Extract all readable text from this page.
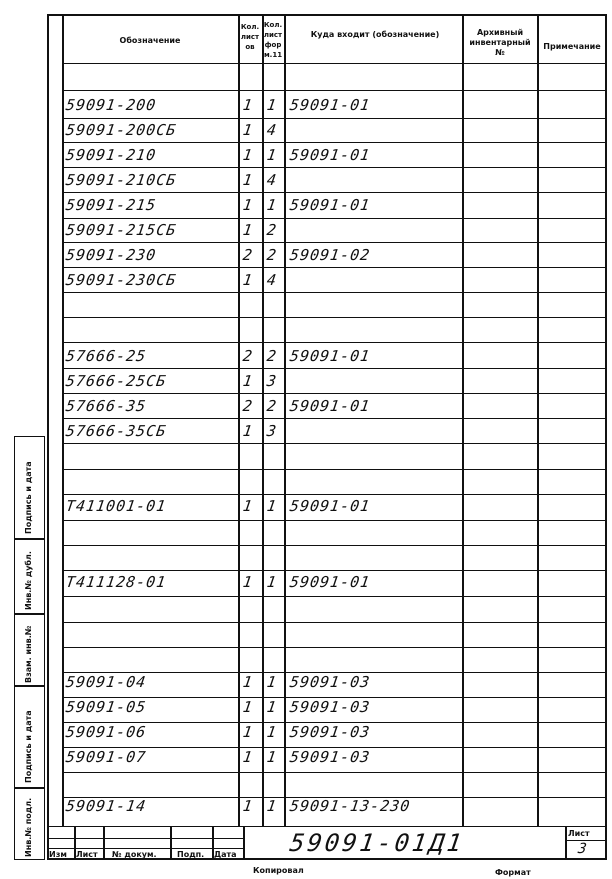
Подпись и дата
Инв.№ дубл.
Взам. инв.№
Подпись и дата
Инв.№ подл.
Обозначение
Кол. листов
Кол.лист форм.11
Куда входит (обозначение)	Архивный инвентарный №
Примечание
59091-200	1 1 59091-01
59091-200СБ	1 4
59091-210	1 1 59091-01
59091-210СБ	1 4
59091-215	1 1 59091-01
59091-215СБ	1 2
59091-230	2 2 59091-02
59091-230СБ	1 4
57666-25	2 2 59091-01
57666-25СБ	1 3
57666-35	2 2 59091-01
57666-35СБ	1 3
Т411001-01	1 1 59091-01
Т411128-01	1 1 59091-01
59091-04	1 1 59091-03
59091-05	1 1 59091-03
59091-06	1 1 59091-03
59091-07	1 1 59091-03
59091-14	1 1 59091-13-230
Изм Лист № докум.	Подп. Дата 59091-01Д1	Лист
3
Копировал	Формат
